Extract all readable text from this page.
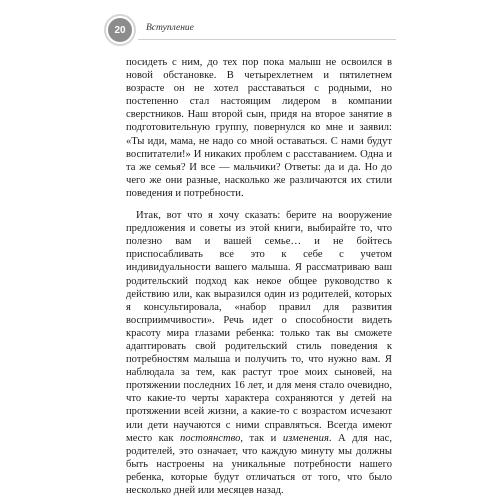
20	Вступление

посидеть с ним, до тех пор пока малыш не освоился в новой обстановке. В четырехлетнем и пятилетнем возрасте он не хотел расставаться с родными, но постепенно стал настоящим лидером в компании сверстников. Наш второй сын, придя на второе занятие в подготовительную группу, повернулся ко мне и заявил: «Ты иди, мама, не надо со мной оставаться. С нами будут воспитатели!» И никаких проблем с расставанием. Одна и та же семья? И все — мальчики? Ответы: да и да. Но до чего же они разные, насколько же различаются их стили поведения и потребности.

Итак, вот что я хочу сказать: берите на вооружение предложения и советы из этой книги, выбирайте то, что полезно вам и вашей семье… и не бойтесь приспосабливать все это к себе с учетом индивидуальности вашего малыша. Я рассматриваю ваш родительский подход как некое общее руководство к действию или, как выразился один из родителей, которых я консультировала, «набор правил для развития восприимчивости». Речь идет о способности видеть красоту мира глазами ребенка: только так вы сможете адаптировать свой родительский стиль поведения к потребностям малыша и получить то, что нужно вам. Я наблюдала за тем, как растут трое моих сыновей, на протяжении последних 16 лет, и для меня стало очевидно, что какие-то черты характера сохраняются у детей на протяжении всей жизни, а какие-то с возрастом исчезают или дети научаются с ними справляться. Всегда имеют место как постоянство, так и изменения. А для нас, родителей, это означает, что каждую минуту мы должны быть настроены на уникальные потребности нашего ребенка, которые будут отличаться от того, что было несколько дней или месяцев назад.
